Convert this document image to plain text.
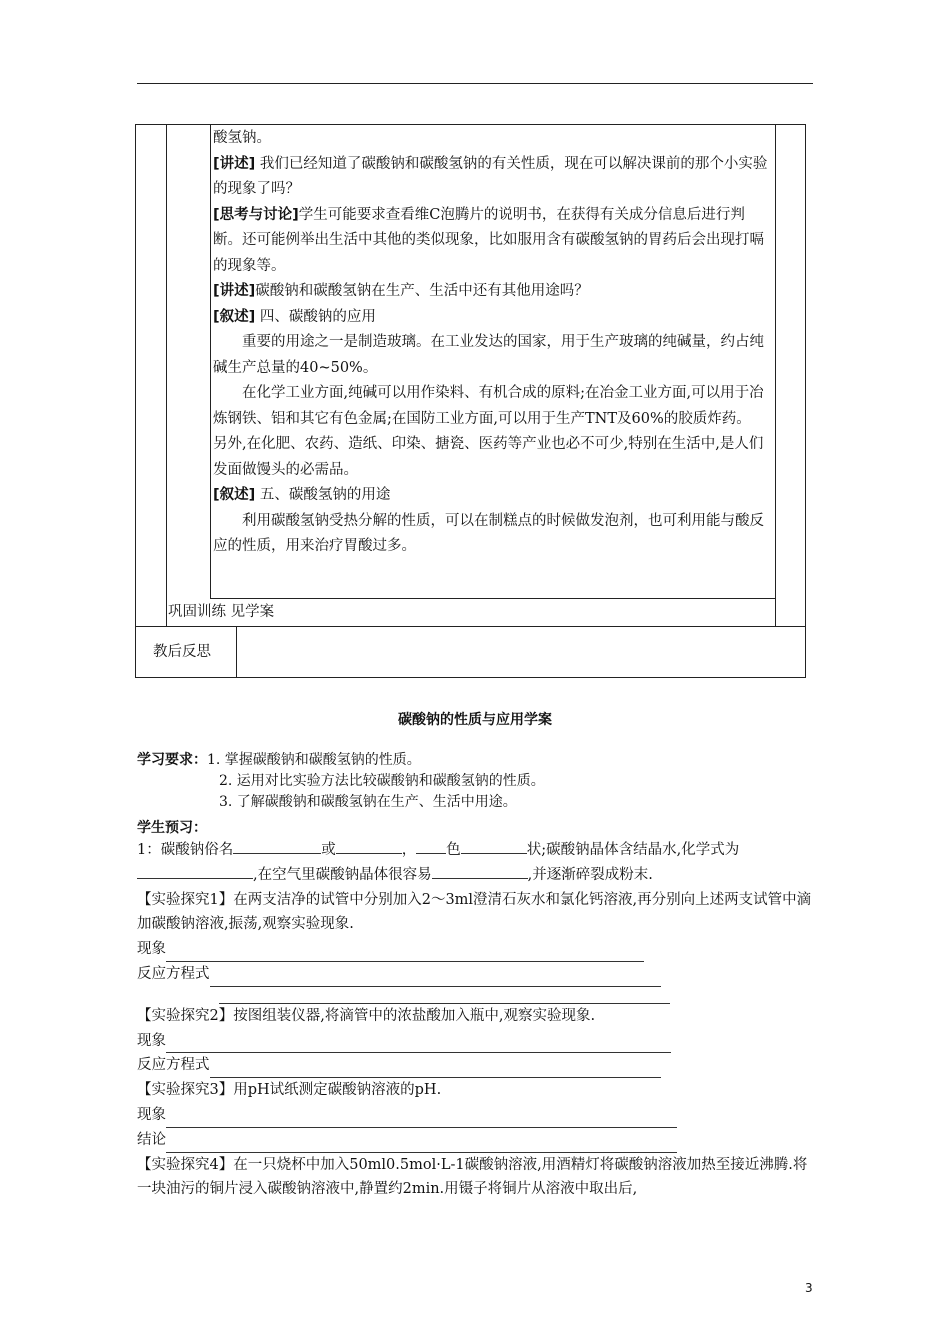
酸氢钠。

[讲述] 我们已经知道了碳酸钠和碳酸氢钠的有关性质，现在可以解决课前的那个小实验的现象了吗？

[思考与讨论]学生可能要求查看维C泡腾片的说明书，在获得有关成分信息后进行判断。还可能例举出生活中其他的类似现象，比如服用含有碳酸氢钠的胃药后会出现打嗝的现象等。

[讲述]碳酸钠和碳酸氢钠在生产、生活中还有其他用途吗？

[叙述] 四、碳酸钠的应用

重要的用途之一是制造玻璃。在工业发达的国家，用于生产玻璃的纯碱量，约占纯碱生产总量的40~50%。

在化学工业方面,纯碱可以用作染料、有机合成的原料;在冶金工业方面,可以用于冶炼钢铁、铝和其它有色金属;在国防工业方面,可以用于生产TNT及60%的胶质炸药。

另外,在化肥、农药、造纸、印染、搪瓷、医药等产业也必不可少,特别在生活中,是人们发面做馒头的必需品。

[叙述] 五、碳酸氢钠的用途

利用碳酸氢钠受热分解的性质，可以在制糕点的时候做发泡剂，也可利用能与酸反应的性质，用来治疗胃酸过多。

巩固训练 见学案
教后反思
碳酸钠的性质与应用学案
学习要求：1. 掌握碳酸钠和碳酸氢钠的性质。
2. 运用对比实验方法比较碳酸钠和碳酸氢钠的性质。
3. 了解碳酸钠和碳酸氢钠在生产、生活中用途。
学生预习：

1：碳酸钠俗名	或	， 色	状;碳酸钠晶体含结晶水,化学式为,在空气里碳酸钠晶体很容易	,并逐渐碎裂成粉末.

【实验探究1】在两支洁净的试管中分别加入2～3ml澄清石灰水和氯化钙溶液,再分别向上述两支试管中滴加碳酸钠溶液,振荡,观察实验现象.

现象
反应方程式

【实验探究2】按图组装仪器,将滴管中的浓盐酸加入瓶中,观察实验现象.

现象
反应方程式

【实验探究3】用pH试纸测定碳酸钠溶液的pH.

现象
结论

【实验探究4】在一只烧杯中加入50ml0.5mol·L-1碳酸钠溶液,用酒精灯将碳酸钠溶液加热至接近沸腾.将一块油污的铜片浸入碳酸钠溶液中,静置约2min.用镊子将铜片从溶液中取出后,

3
